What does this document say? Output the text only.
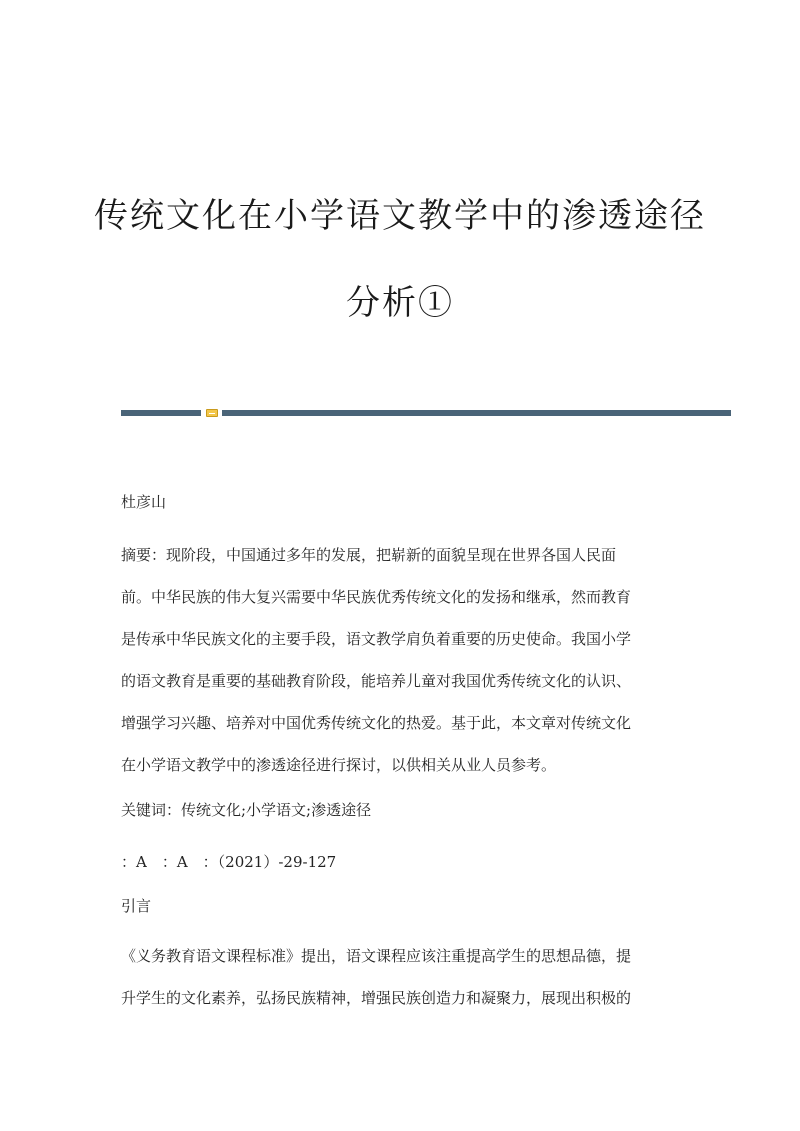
传统文化在小学语文教学中的渗透途径
分析①

杜彦山

摘要：现阶段，中国通过多年的发展，把崭新的面貌呈现在世界各国人民面

前。中华民族的伟大复兴需要中华民族优秀传统文化的发扬和继承，然而教育

是传承中华民族文化的主要手段，语文教学肩负着重要的历史使命。我国小学

的语文教育是重要的基础教育阶段，能培养儿童对我国优秀传统文化的认识、

增强学习兴趣、培养对中国优秀传统文化的热爱。基于此，本文章对传统文化

在小学语文教学中的渗透途径进行探讨，以供相关从业人员参考。

关键词：传统文化;小学语文;渗透途径

：A　：A　：（2021）-29-127

引言

《义务教育语文课程标准》提出，语文课程应该注重提高学生的思想品德，提

升学生的文化素养，弘扬民族精神，增强民族创造力和凝聚力，展现出积极的
